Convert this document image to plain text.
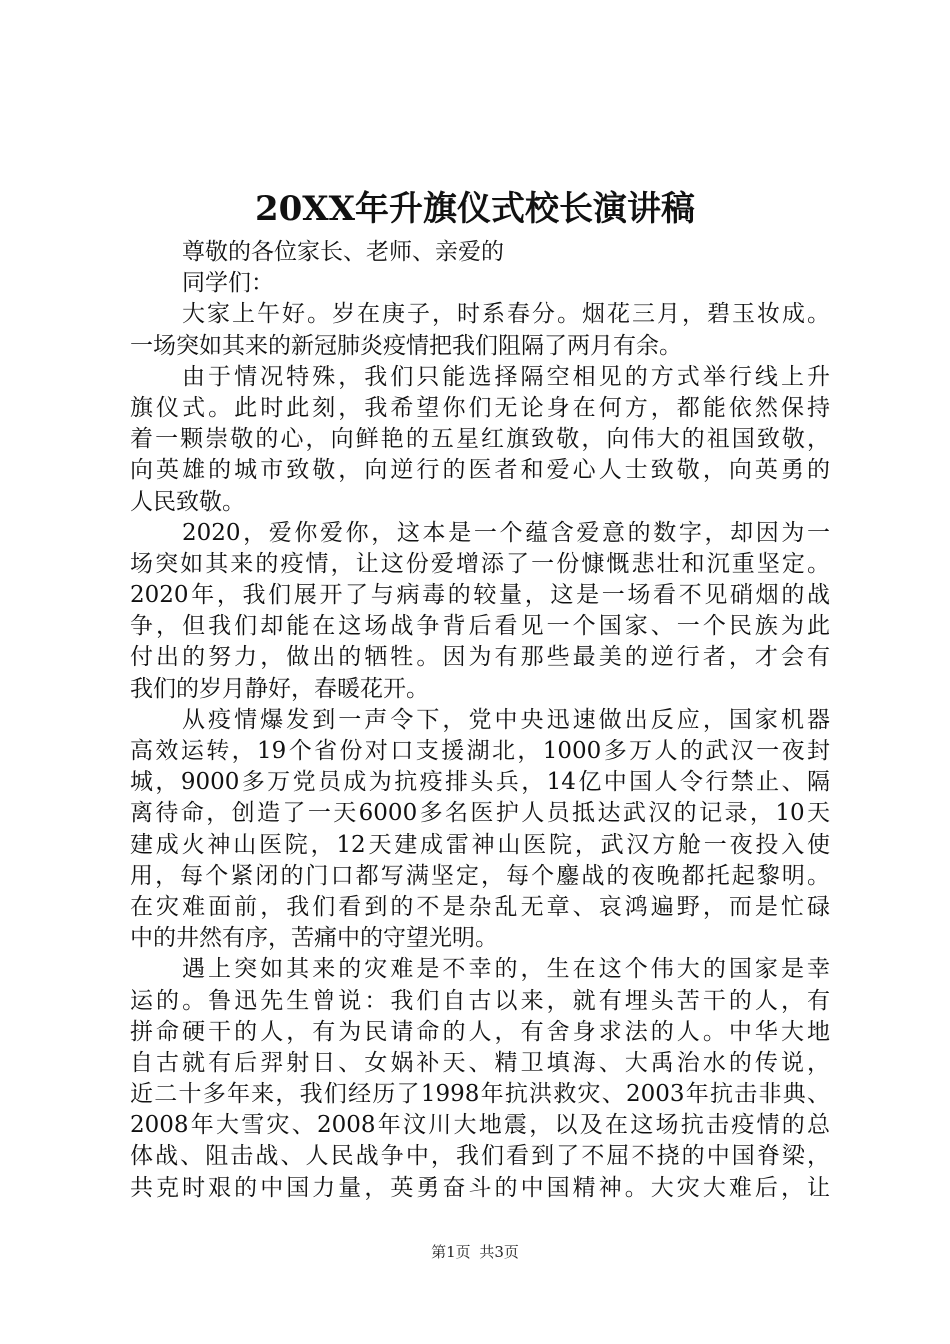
20XX年升旗仪式校长演讲稿
尊敬的各位家长、老师、亲爱的
同学们：
大家上午好。岁在庚子，时系春分。烟花三月，碧玉妆成。
一场突如其来的新冠肺炎疫情把我们阻隔了两月有余。
由于情况特殊，我们只能选择隔空相见的方式举行线上升
旗仪式。此时此刻，我希望你们无论身在何方，都能依然保持
着一颗崇敬的心，向鲜艳的五星红旗致敬，向伟大的祖国致敬，
向英雄的城市致敬，向逆行的医者和爱心人士致敬，向英勇的
人民致敬。
2020，爱你爱你，这本是一个蕴含爱意的数字，却因为一
场突如其来的疫情，让这份爱增添了一份慷慨悲壮和沉重坚定。
2020年，我们展开了与病毒的较量，这是一场看不见硝烟的战
争，但我们却能在这场战争背后看见一个国家、一个民族为此
付出的努力，做出的牺牲。因为有那些最美的逆行者，才会有
我们的岁月静好，春暖花开。
从疫情爆发到一声令下，党中央迅速做出反应，国家机器
高效运转，19个省份对口支援湖北，1000多万人的武汉一夜封
城，9000多万党员成为抗疫排头兵，14亿中国人令行禁止、隔
离待命，创造了一天6000多名医护人员抵达武汉的记录，10天
建成火神山医院，12天建成雷神山医院，武汉方舱一夜投入使
用，每个紧闭的门口都写满坚定，每个鏖战的夜晚都托起黎明。
在灾难面前，我们看到的不是杂乱无章、哀鸿遍野，而是忙碌
中的井然有序，苦痛中的守望光明。
遇上突如其来的灾难是不幸的，生在这个伟大的国家是幸
运的。鲁迅先生曾说：我们自古以来，就有埋头苦干的人，有
拼命硬干的人，有为民请命的人，有舍身求法的人。中华大地
自古就有后羿射日、女娲补天、精卫填海、大禹治水的传说，
近二十多年来，我们经历了1998年抗洪救灾、2003年抗击非典、
2008年大雪灾、2008年汶川大地震，以及在这场抗击疫情的总
体战、阻击战、人民战争中，我们看到了不屈不挠的中国脊梁，
共克时艰的中国力量，英勇奋斗的中国精神。大灾大难后，让
第1页 共3页
